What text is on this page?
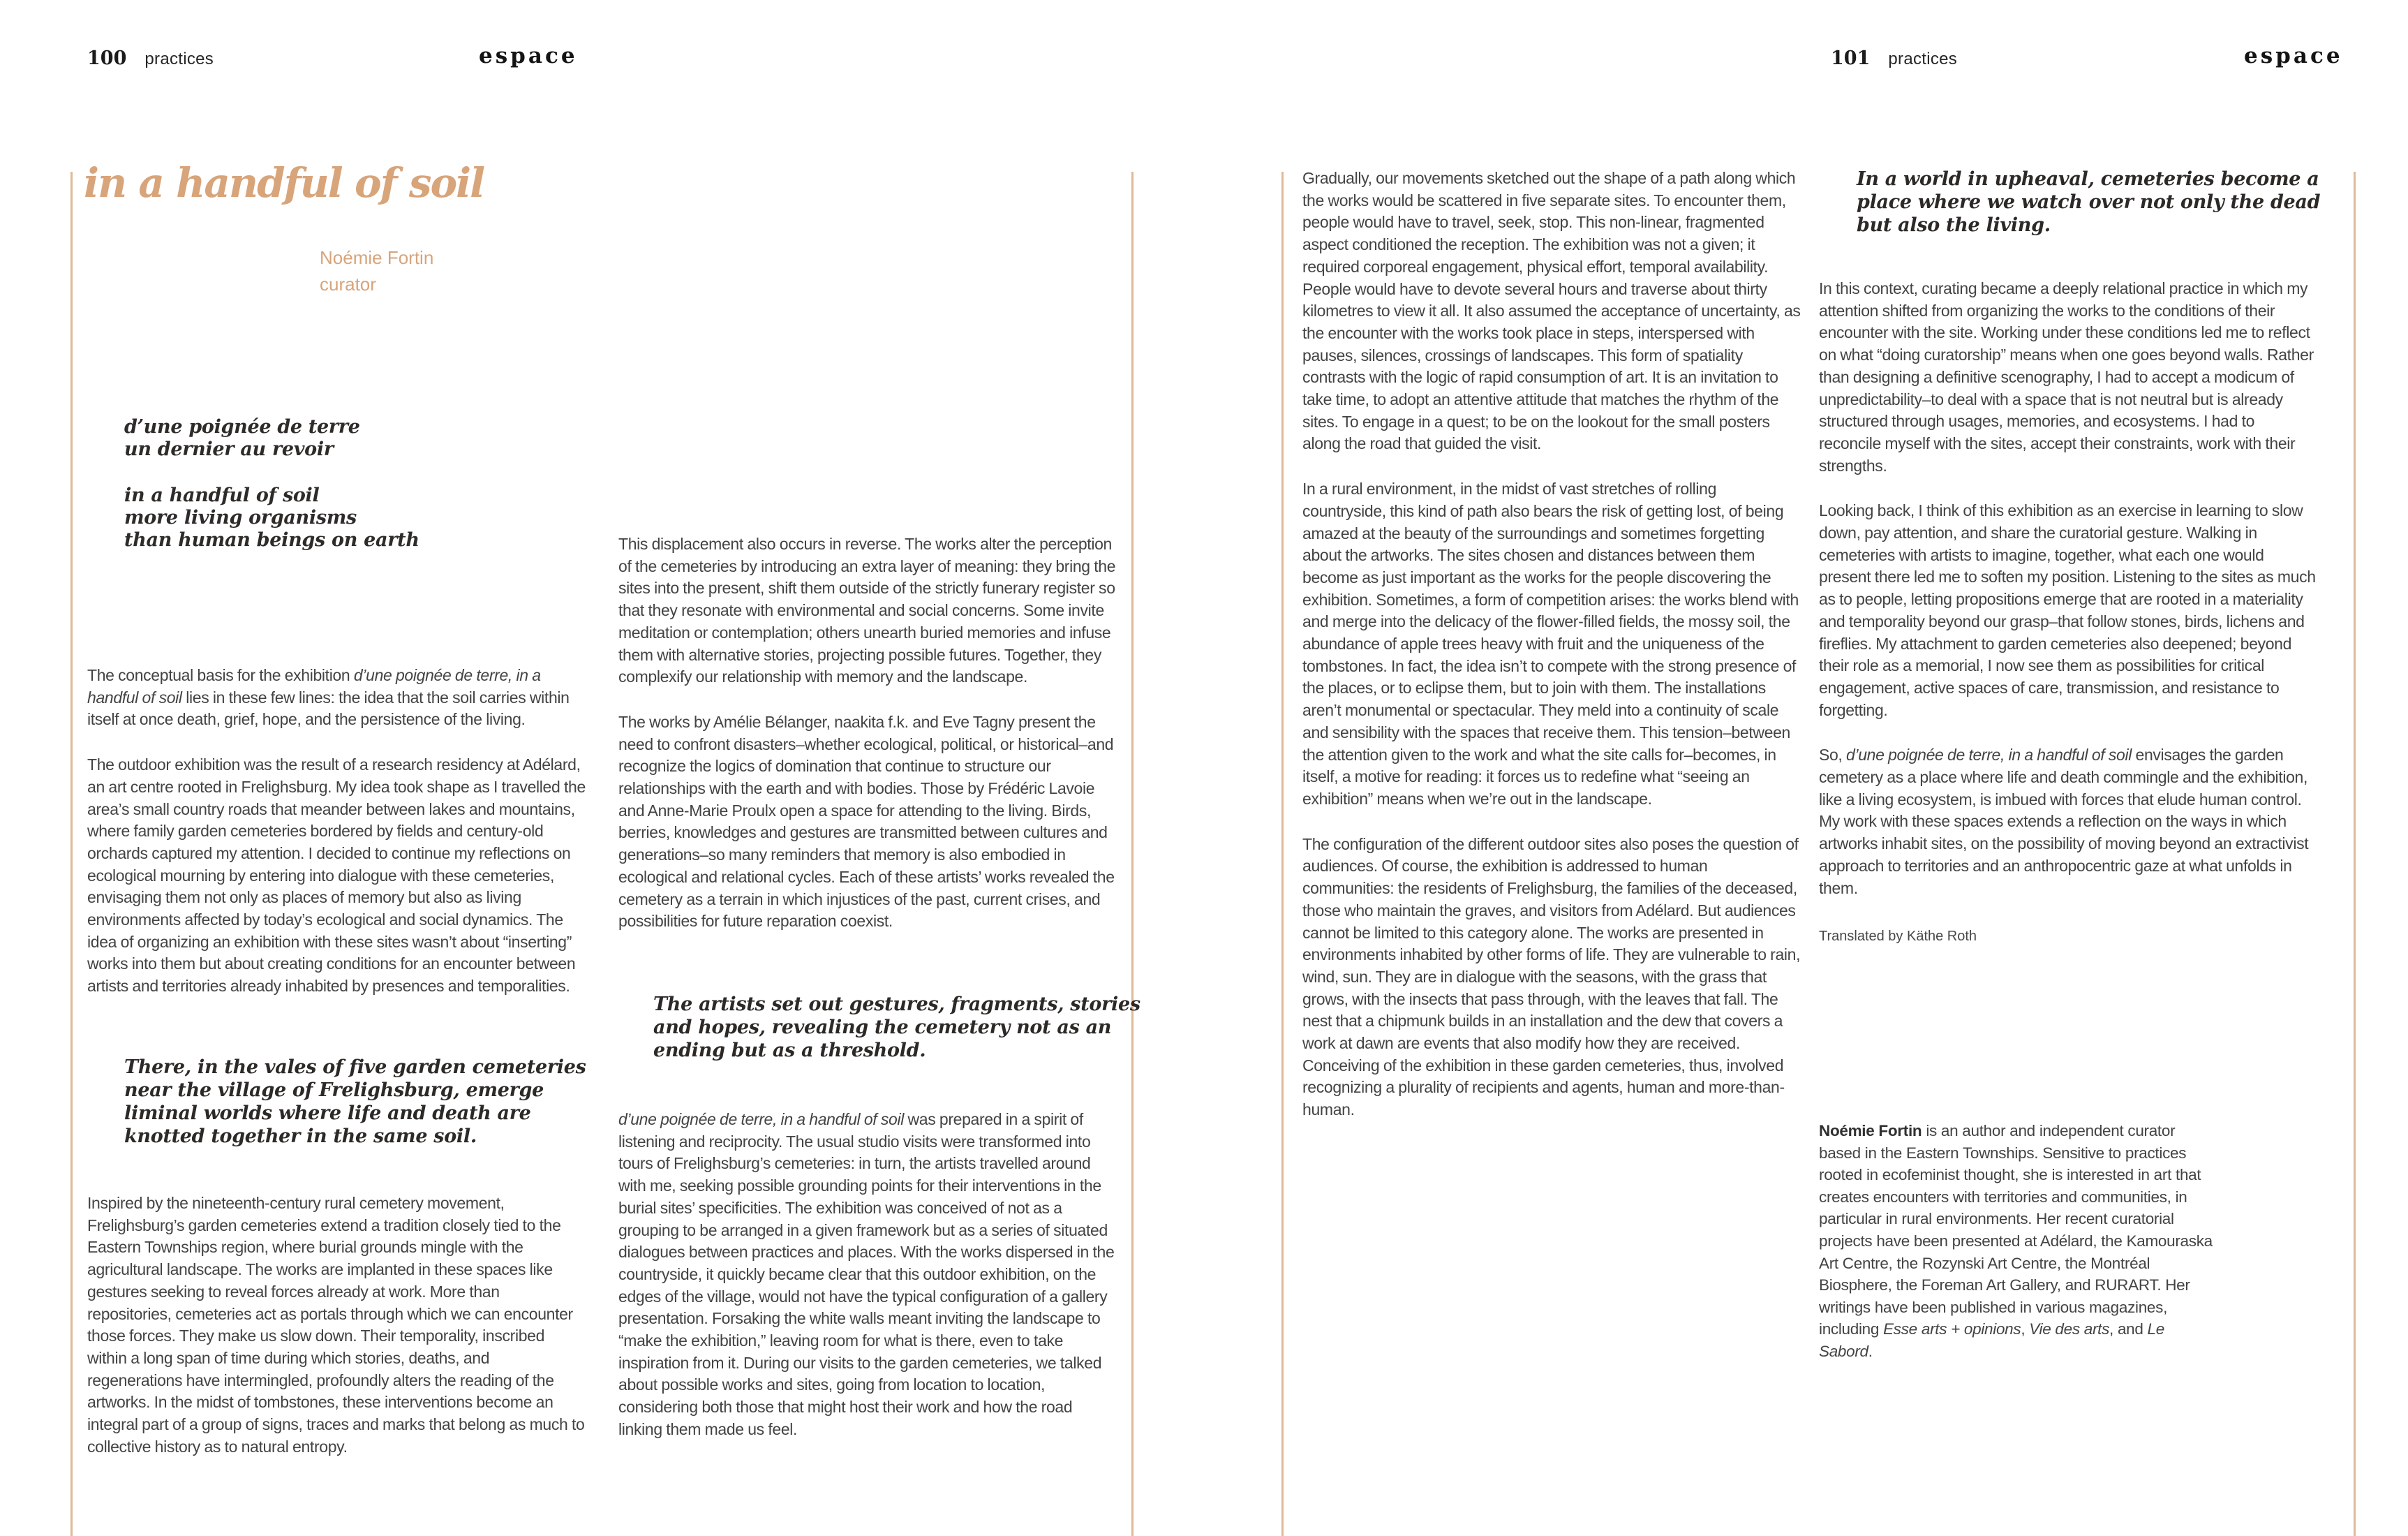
100 practices	espace	101 practices	espace
in a handful of soil
Noémie Fortin
curator
d’une poignée de terre
un dernier au revoir
in a handful of soil
more living organisms
than human beings on earth

The conceptual basis for the exhibition d’une poignée de terre, in a handful of soil lies in these few lines: the idea that the soil carries within itself at once death, grief, hope, and the persistence of the living.

The outdoor exhibition was the result of a research residency at Adélard, an art centre rooted in Frelighsburg. My idea took shape as I travelled the area’s small country roads that meander between lakes and mountains, where family garden cemeteries bordered by fields and century-old orchards captured my attention. I decided to continue my reflections on ecological mourning by entering into dialogue with these cemeteries, envisaging them not only as places of memory but also as living environments affected by today’s ecological and social dynamics. The idea of organizing an exhibition with these sites wasn’t about “inserting” works into them but about creating conditions for an encounter between artists and territories already inhabited by presences and temporalities.

There, in the vales of five garden cemeteries
near the village of Frelighsburg, emerge
liminal worlds where life and death are
knotted together in the same soil.

Inspired by the nineteenth-century rural cemetery movement, Frelighsburg’s garden cemeteries extend a tradition closely tied to the Eastern Townships region, where burial grounds mingle with the agricultural landscape. The works are implanted in these spaces like gestures seeking to reveal forces already at work. More than repositories, cemeteries act as portals through which we can encounter those forces. They make us slow down. Their temporality, inscribed within a long span of time during which stories, deaths, and regenerations have intermingled, profoundly alters the reading of the artworks. In the midst of tombstones, these interventions become an integral part of a group of signs, traces and marks that belong as much to collective history as to natural entropy.

This displacement also occurs in reverse. The works alter the perception of the cemeteries by introducing an extra layer of meaning: they bring the sites into the present, shift them outside of the strictly funerary register so that they resonate with environmental and social concerns. Some invite meditation or contemplation; others unearth buried memories and infuse them with alternative stories, projecting possible futures. Together, they complexify our relationship with memory and the landscape.

The works by Amélie Bélanger, naakita f.k. and Eve Tagny present the need to confront disasters–whether ecological, political, or historical–and recognize the logics of domination that continue to structure our relationships with the earth and with bodies. Those by Frédéric Lavoie and Anne-Marie Proulx open a space for attending to the living. Birds, berries, knowledges and gestures are transmitted between cultures and generations–so many reminders that memory is also embodied in ecological and relational cycles. Each of these artists’ works revealed the cemetery as a terrain in which injustices of the past, current crises, and possibilities for future reparation coexist.

The artists set out gestures, fragments, stories
and hopes, revealing the cemetery not as an
ending but as a threshold.

d’une poignée de terre, in a handful of soil was prepared in a spirit of listening and reciprocity. The usual studio visits were transformed into tours of Frelighsburg’s cemeteries: in turn, the artists travelled around with me, seeking possible grounding points for their interventions in the burial sites’ specificities. The exhibition was conceived of not as a grouping to be arranged in a given framework but as a series of situated dialogues between practices and places. With the works dispersed in the countryside, it quickly became clear that this outdoor exhibition, on the edges of the village, would not have the typical configuration of a gallery presentation. Forsaking the white walls meant inviting the landscape to “make the exhibition,” leaving room for what is there, even to take inspiration from it. During our visits to the garden cemeteries, we talked about possible works and sites, going from location to location, considering both those that might host their work and how the road linking them made us feel.

Gradually, our movements sketched out the shape of a path along which the works would be scattered in five separate sites. To encounter them, people would have to travel, seek, stop. This non-linear, fragmented aspect conditioned the reception. The exhibition was not a given; it required corporeal engagement, physical effort, temporal availability. People would have to devote several hours and traverse about thirty kilometres to view it all. It also assumed the acceptance of uncertainty, as the encounter with the works took place in steps, interspersed with pauses, silences, crossings of landscapes. This form of spatiality contrasts with the logic of rapid consumption of art. It is an invitation to take time, to adopt an attentive attitude that matches the rhythm of the sites. To engage in a quest; to be on the lookout for the small posters along the road that guided the visit.

In a rural environment, in the midst of vast stretches of rolling countryside, this kind of path also bears the risk of getting lost, of being amazed at the beauty of the surroundings and sometimes forgetting about the artworks. The sites chosen and distances between them become as just important as the works for the people discovering the exhibition. Sometimes, a form of competition arises: the works blend with and merge into the delicacy of the flower-filled fields, the mossy soil, the abundance of apple trees heavy with fruit and the uniqueness of the tombstones. In fact, the idea isn’t to compete with the strong presence of the places, or to eclipse them, but to join with them. The installations aren’t monumental or spectacular. They meld into a continuity of scale and sensibility with the spaces that receive them. This tension–between the attention given to the work and what the site calls for–becomes, in itself, a motive for reading: it forces us to redefine what “seeing an exhibition” means when we’re out in the landscape.

The configuration of the different outdoor sites also poses the question of audiences. Of course, the exhibition is addressed to human communities: the residents of Frelighsburg, the families of the deceased, those who maintain the graves, and visitors from Adélard. But audiences cannot be limited to this category alone. The works are presented in environments inhabited by other forms of life. They are vulnerable to rain, wind, sun. They are in dialogue with the seasons, with the grass that grows, with the insects that pass through, with the leaves that fall. The nest that a chipmunk builds in an installation and the dew that covers a work at dawn are events that also modify how they are received. Conceiving of the exhibition in these garden cemeteries, thus, involved recognizing a plurality of recipients and agents, human and more-than-human.

In a world in upheaval, cemeteries become a
place where we watch over not only the dead
but also the living.

In this context, curating became a deeply relational practice in which my attention shifted from organizing the works to the conditions of their encounter with the site. Working under these conditions led me to reflect on what “doing curatorship” means when one goes beyond walls. Rather than designing a definitive scenography, I had to accept a modicum of unpredictability–to deal with a space that is not neutral but is already structured through usages, memories, and ecosystems. I had to reconcile myself with the sites, accept their constraints, work with their strengths.

Looking back, I think of this exhibition as an exercise in learning to slow down, pay attention, and share the curatorial gesture. Walking in cemeteries with artists to imagine, together, what each one would present there led me to soften my position. Listening to the sites as much as to people, letting propositions emerge that are rooted in a materiality and temporality beyond our grasp–that follow stones, birds, lichens and fireflies. My attachment to garden cemeteries also deepened; beyond their role as a memorial, I now see them as possibilities for critical engagement, active spaces of care, transmission, and resistance to forgetting.

So, d’une poignée de terre, in a handful of soil envisages the garden cemetery as a place where life and death commingle and the exhibition, like a living ecosystem, is imbued with forces that elude human control. My work with these spaces extends a reflection on the ways in which artworks inhabit sites, on the possibility of moving beyond an extractivist approach to territories and an anthropocentric gaze at what unfolds in them.

Translated by Käthe Roth
Noémie Fortin is an author and independent curator based in the Eastern Townships. Sensitive to practices rooted in ecofeminist thought, she is interested in art that creates encounters with territories and communities, in particular in rural environments. Her recent curatorial projects have been presented at Adélard, the Kamouraska Art Centre, the Rozynski Art Centre, the Montréal Biosphere, the Foreman Art Gallery, and RURART. Her writings have been published in various magazines, including Esse arts + opinions, Vie des arts, and Le Sabord.
